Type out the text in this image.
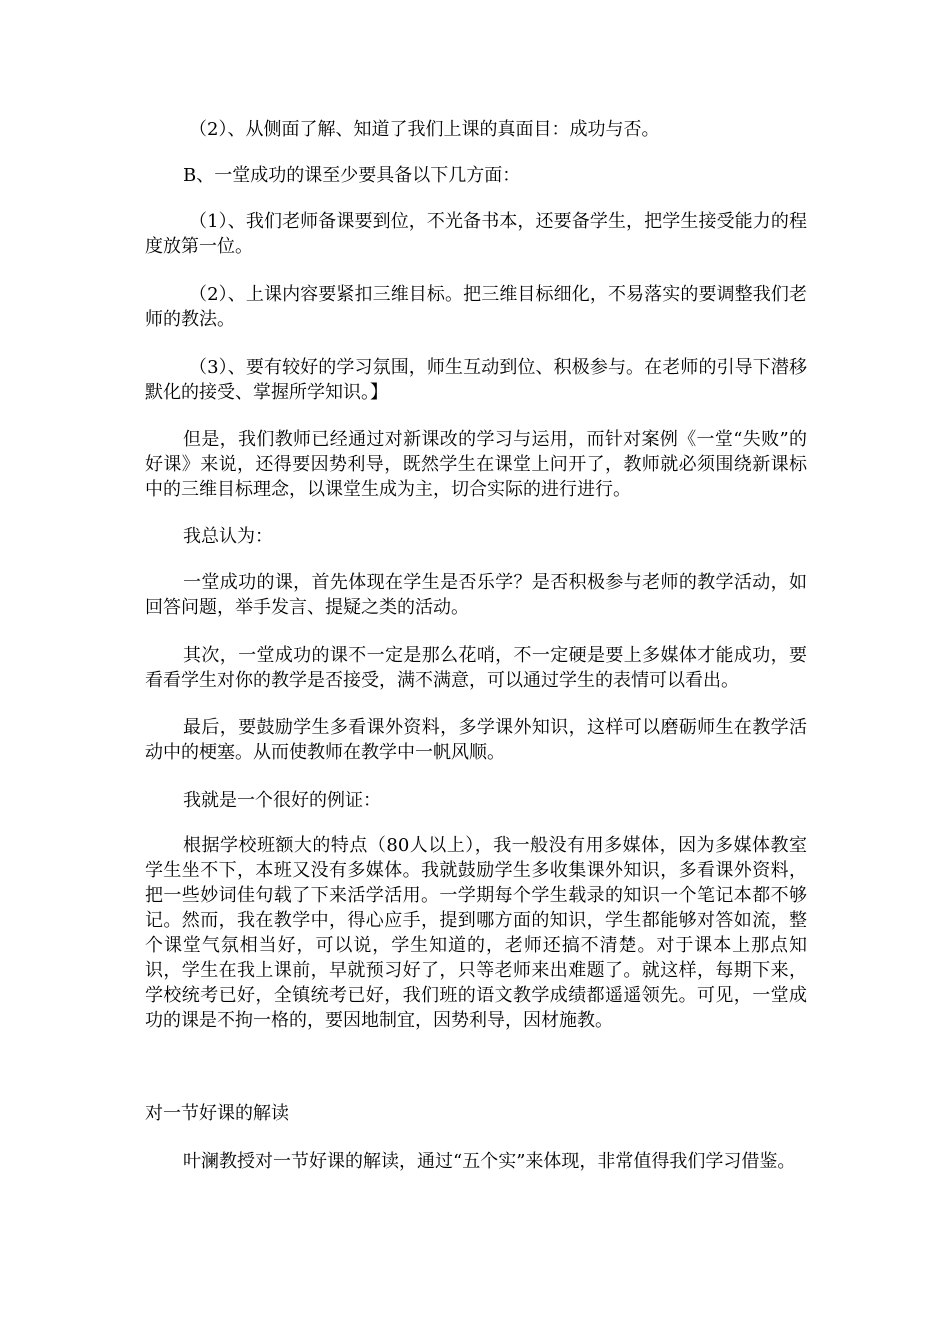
（2）、从侧面了解、知道了我们上课的真面目：成功与否。

B、一堂成功的课至少要具备以下几方面：

（1）、我们老师备课要到位，不光备书本，还要备学生，把学生接受能力的程度放第一位。

（2）、上课内容要紧扣三维目标。把三维目标细化，不易落实的要调整我们老师的教法。

（3）、要有较好的学习氛围，师生互动到位、积极参与。在老师的引导下潜移默化的接受、掌握所学知识。】

但是，我们教师已经通过对新课改的学习与运用，而针对案例《一堂“失败”的好课》来说，还得要因势利导，既然学生在课堂上问开了，教师就必须围绕新课标中的三维目标理念，以课堂生成为主，切合实际的进行进行。

我总认为：

一堂成功的课，首先体现在学生是否乐学？是否积极参与老师的教学活动，如回答问题，举手发言、提疑之类的活动。

其次，一堂成功的课不一定是那么花哨，不一定硬是要上多媒体才能成功，要看看学生对你的教学是否接受，满不满意，可以通过学生的表情可以看出。

最后，要鼓励学生多看课外资料，多学课外知识，这样可以磨砺师生在教学活动中的梗塞。从而使教师在教学中一帆风顺。

我就是一个很好的例证：

根据学校班额大的特点（80人以上），我一般没有用多媒体，因为多媒体教室学生坐不下，本班又没有多媒体。我就鼓励学生多收集课外知识，多看课外资料，把一些妙词佳句载了下来活学活用。一学期每个学生载录的知识一个笔记本都不够记。然而，我在教学中，得心应手，提到哪方面的知识，学生都能够对答如流，整个课堂气氛相当好，可以说，学生知道的，老师还搞不清楚。对于课本上那点知识，学生在我上课前，早就预习好了，只等老师来出难题了。就这样，每期下来，学校统考已好，全镇统考已好，我们班的语文教学成绩都遥遥领先。可见，一堂成功的课是不拘一格的，要因地制宜，因势利导，因材施教。

对一节好课的解读

叶澜教授对一节好课的解读，通过“五个实”来体现，非常值得我们学习借鉴。
